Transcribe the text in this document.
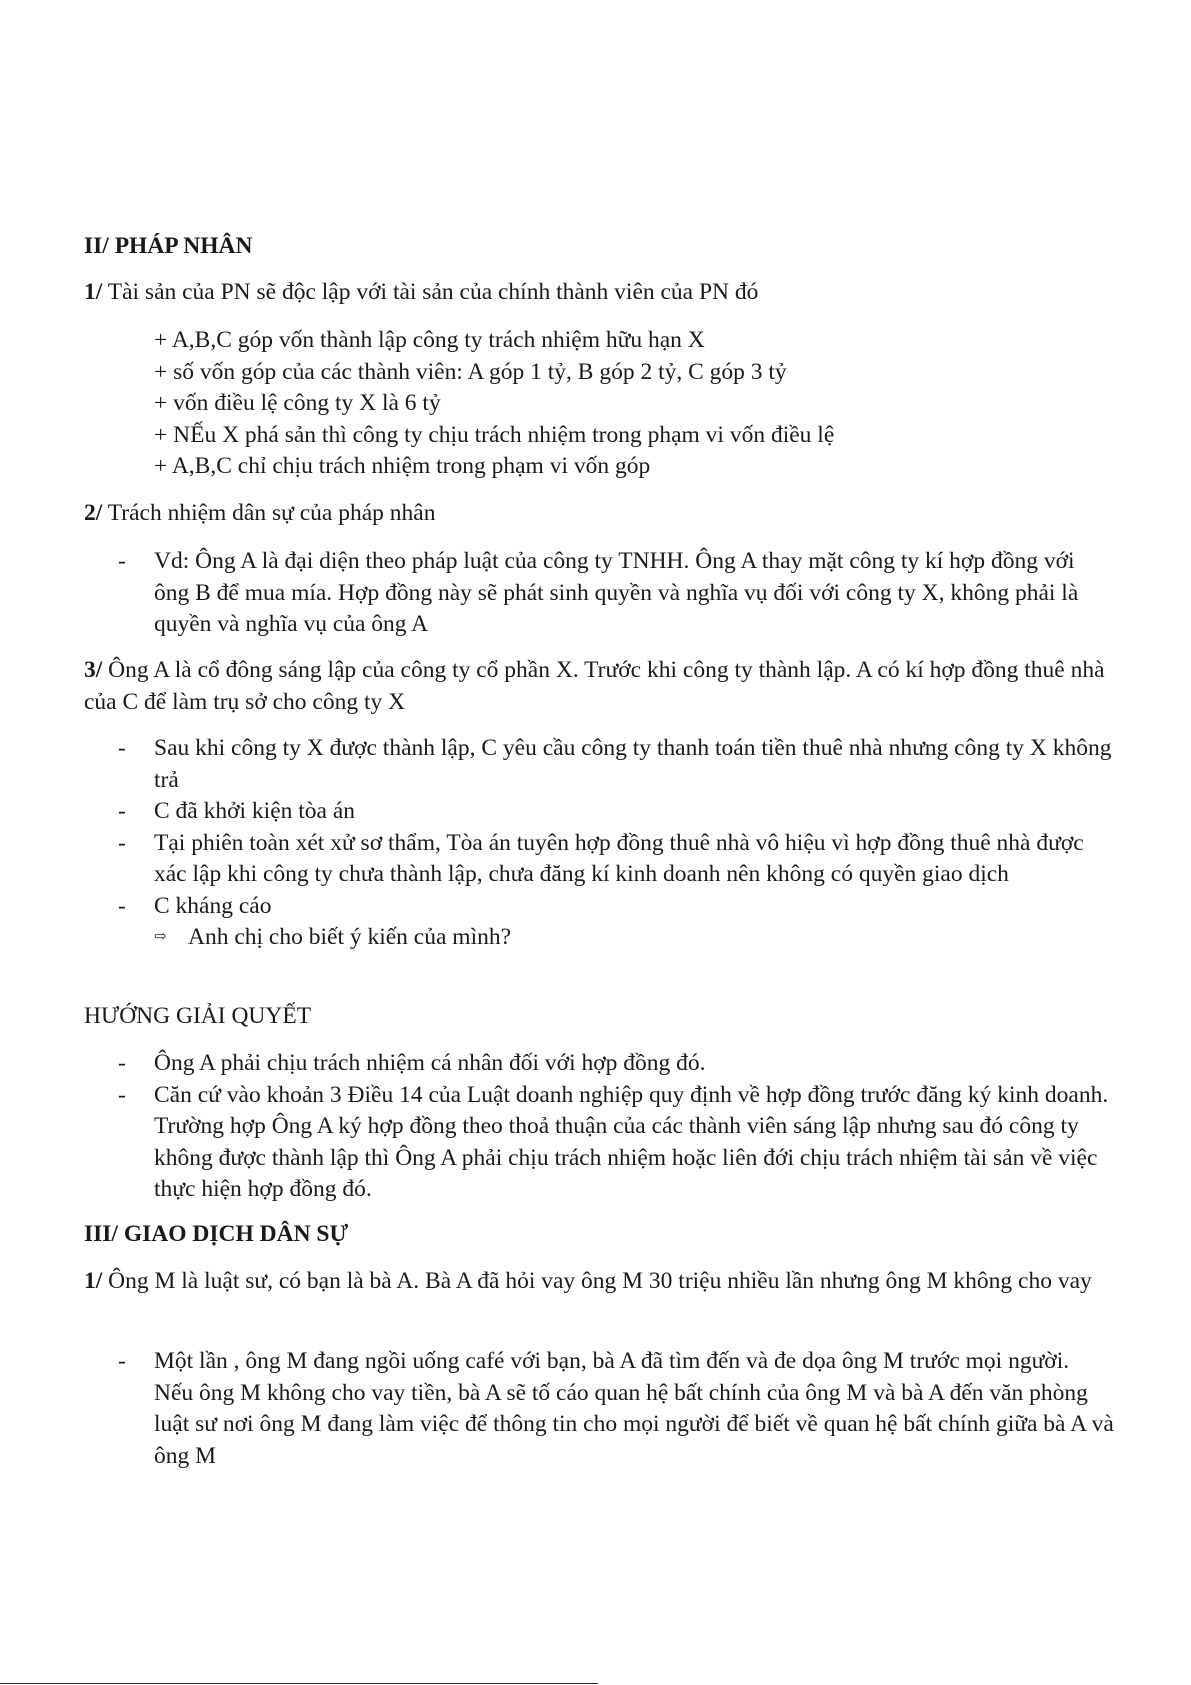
II/ PHÁP NHÂN

1/ Tài sản của PN sẽ độc lập với tài sản của chính thành viên của PN đó

+ A,B,C góp vốn thành lập công ty trách nhiệm hữu hạn X

+ số vốn góp của các thành viên: A góp 1 tỷ, B góp 2 tỷ, C góp 3 tỷ

+ vốn điều lệ công ty X là 6 tỷ

+ NẾu X phá sản thì công ty chịu trách nhiệm trong phạm vi vốn điều lệ

+ A,B,C chỉ chịu trách nhiệm trong phạm vi vốn góp

2/ Trách nhiệm dân sự của pháp nhân

- Vd: Ông A là đại diện theo pháp luật của công ty TNHH. Ông A thay mặt công ty kí hợp đồng với ông B để mua mía. Hợp đồng này sẽ phát sinh quyền và nghĩa vụ đối với công ty X, không phải là quyền và nghĩa vụ của ông A

3/ Ông A là cổ đông sáng lập của công ty cổ phần X. Trước khi công ty thành lập. A có kí hợp đồng thuê nhà của C để làm trụ sở cho công ty X

- Sau khi công ty X được thành lập, C yêu cầu công ty thanh toán tiền thuê nhà nhưng công ty X không trả
- C đã khởi kiện tòa án
- Tại phiên toàn xét xử sơ thẩm, Tòa án tuyên hợp đồng thuê nhà vô hiệu vì hợp đồng thuê nhà được xác lập khi công ty chưa thành lập, chưa đăng kí kinh doanh nên không có quyền giao dịch
- C kháng cáo
⇨ Anh chị cho biết ý kiến của mình?

HƯỚNG GIẢI QUYẾT

- Ông A phải chịu trách nhiệm cá nhân đối với hợp đồng đó.
- Căn cứ vào khoản 3 Điều 14 của Luật doanh nghiệp quy định về hợp đồng trước đăng ký kinh doanh. Trường hợp Ông A ký hợp đồng theo thoả thuận của các thành viên sáng lập nhưng sau đó công ty không được thành lập thì Ông A phải chịu trách nhiệm hoặc liên đới chịu trách nhiệm tài sản về việc thực hiện hợp đồng đó.

III/ GIAO DỊCH DÂN SỰ

1/ Ông M là luật sư, có bạn là bà A. Bà A đã hỏi vay ông M 30 triệu nhiều lần nhưng ông M không cho vay

- Một lần , ông M đang ngồi uống café với bạn, bà A đã tìm đến và đe dọa ông M trước mọi người. Nếu ông M không cho vay tiền, bà A sẽ tố cáo quan hệ bất chính của ông M và bà A đến văn phòng luật sư nơi ông M đang làm việc để thông tin cho mọi người để biết về quan hệ bất chính giữa bà A và ông M
